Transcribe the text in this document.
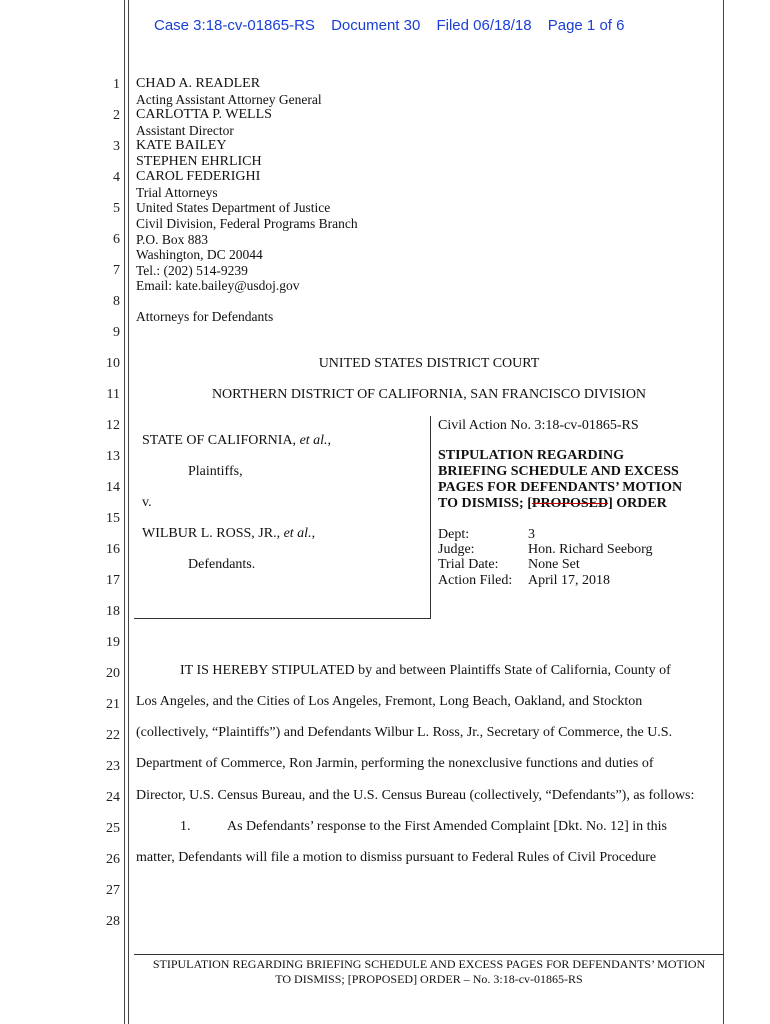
Case 3:18-cv-01865-RS Document 30 Filed 06/18/18 Page 1 of 6
1
2
3
4
5
6
7
8
9
10
11
12
13
14
15
16
17
18
19
20
21
22
23
24
25
26
27
28
CHAD A. READLER
Acting Assistant Attorney General
CARLOTTA P. WELLS
Assistant Director
KATE BAILEY
STEPHEN EHRLICH
CAROL FEDERIGHI
Trial Attorneys
United States Department of Justice
Civil Division, Federal Programs Branch
P.O. Box 883
Washington, DC 20044
Tel.: (202) 514-9239
Email: kate.bailey@usdoj.gov
Attorneys for Defendants
UNITED STATES DISTRICT COURT
NORTHERN DISTRICT OF CALIFORNIA, SAN FRANCISCO DIVISION
STATE OF CALIFORNIA, et al.,
Plaintiffs,
v.
WILBUR L. ROSS, JR., et al.,
Defendants.
Civil Action No. 3:18-cv-01865-RS
STIPULATION REGARDING
BRIEFING SCHEDULE AND EXCESS
PAGES FOR DEFENDANTS’ MOTION
TO DISMISS; [PROPOSED] ORDER
Dept:	3
Judge:	Hon. Richard Seeborg
Trial Date: None Set
Action Filed: April 17, 2018
IT IS HEREBY STIPULATED by and between Plaintiffs State of California, County of
Los Angeles, and the Cities of Los Angeles, Fremont, Long Beach, Oakland, and Stockton
(collectively, “Plaintiffs”) and Defendants Wilbur L. Ross, Jr., Secretary of Commerce, the U.S.
Department of Commerce, Ron Jarmin, performing the nonexclusive functions and duties of
Director, U.S. Census Bureau, and the U.S. Census Bureau (collectively, “Defendants”), as follows:
1.	As Defendants’ response to the First Amended Complaint [Dkt. No. 12] in this
matter, Defendants will file a motion to dismiss pursuant to Federal Rules of Civil Procedure
STIPULATION REGARDING BRIEFING SCHEDULE AND EXCESS PAGES FOR DEFENDANTS’ MOTION
TO DISMISS; [PROPOSED] ORDER – No. 3:18-cv-01865-RS
